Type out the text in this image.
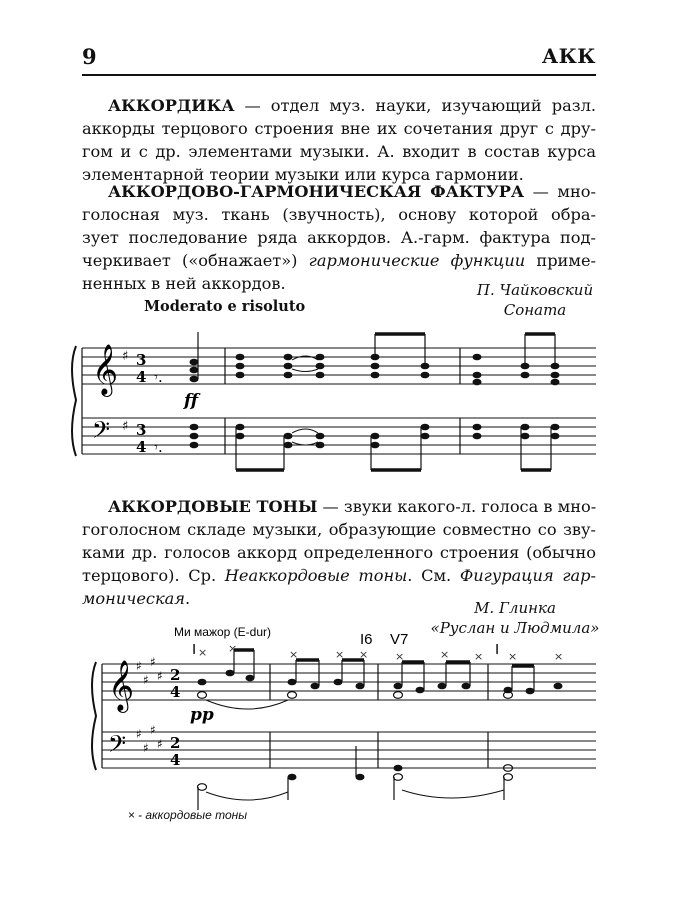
9	АКК
АККОРДИКА — отдел муз. науки, изучающий разл.
аккорды терцового строения вне их сочетания друг с дру-
гом и с др. элементами музыки. А. входит в состав курса
элементарной теории музыки или курса гармонии.
АККОРДОВО-ГАРМОНИЧЕСКАЯ ФАКТУРА — мно-
голосная муз. ткань (звучность), основу которой обра-
зует последование ряда аккордов. А.-гарм. фактура под-
черкивает («обнажает») гармонические функции приме-
ненных в ней аккордов.	П. Чайковский
Соната
Moderato e risoluto
𝄞
𝄢
♯
♯
3
4
3
4
𝄾.
𝄾.
ff
АККОРДОВЫЕ ТОНЫ — звуки какого-л. голоса в мно-
гоголосном складе музыки, образующие совместно со зву-
ками др. голосов аккорд определенного строения (обычно
терцового). Ср. Неаккордовые тоны. См. Фигурация гар-
моническая.	М. Глинка
«Руслан и Людмила»
Ми мажор (E-dur)
I
I6 V7
I
× ×	×	× × ×	× × ×	×
𝄞
𝄢
♯
♯
♯
♯
♯
♯
♯
♯
2
4
2
4
pp
× - аккордовые тоны
